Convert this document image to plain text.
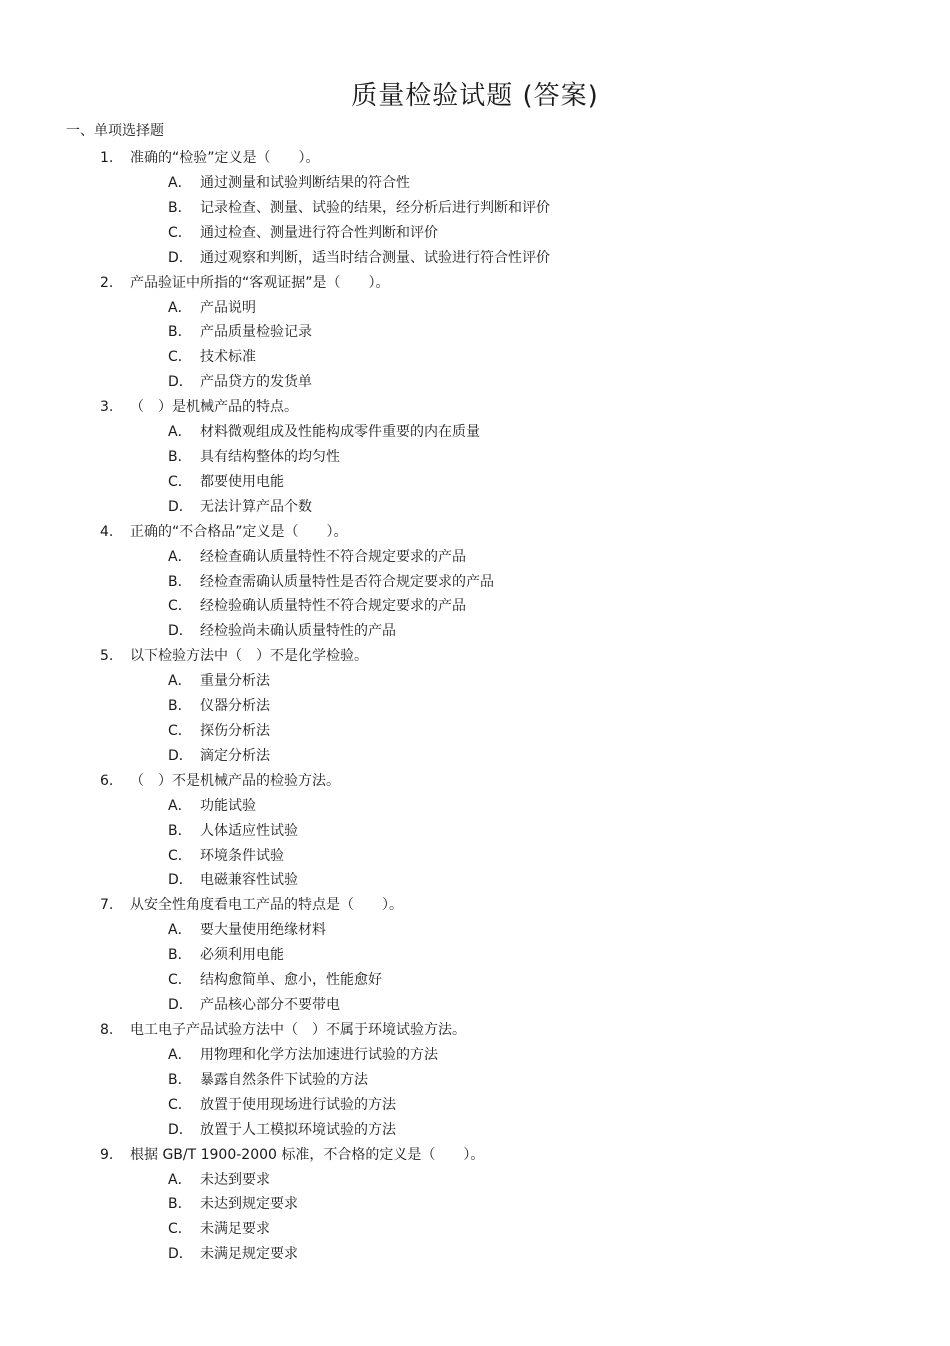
质量检验试题 (答案)
一、单项选择题
1. 准确的“检验”定义是（　　）。
A． 通过测量和试验判断结果的符合性
B． 记录检查、测量、试验的结果，经分析后进行判断和评价
C． 通过检查、测量进行符合性判断和评价
D． 通过观察和判断，适当时结合测量、试验进行符合性评价
2. 产品验证中所指的“客观证据”是（　　）。
A． 产品说明
B． 产品质量检验记录
C． 技术标准
D． 产品贷方的发货单
3. （　）是机械产品的特点。
A． 材料微观组成及性能构成零件重要的内在质量
B． 具有结构整体的均匀性
C． 都要使用电能
D． 无法计算产品个数
4. 正确的“不合格品”定义是（　　）。
A． 经检查确认质量特性不符合规定要求的产品
B． 经检查需确认质量特性是否符合规定要求的产品
C． 经检验确认质量特性不符合规定要求的产品
D． 经检验尚未确认质量特性的产品
5. 以下检验方法中（　）不是化学检验。
A． 重量分析法
B． 仪器分析法
C． 探伤分析法
D． 滴定分析法
6. （　）不是机械产品的检验方法。
A． 功能试验
B． 人体适应性试验
C． 环境条件试验
D． 电磁兼容性试验
7. 从安全性角度看电工产品的特点是（　　）。
A． 要大量使用绝缘材料
B． 必须利用电能
C． 结构愈简单、愈小，性能愈好
D． 产品核心部分不要带电
8. 电工电子产品试验方法中（　）不属于环境试验方法。
A． 用物理和化学方法加速进行试验的方法
B． 暴露自然条件下试验的方法
C． 放置于使用现场进行试验的方法
D． 放置于人工模拟环境试验的方法
9. 根据 GB/T 1900-2000 标准，不合格的定义是（　　）。
A． 未达到要求
B． 未达到规定要求
C． 未满足要求
D． 未满足规定要求
